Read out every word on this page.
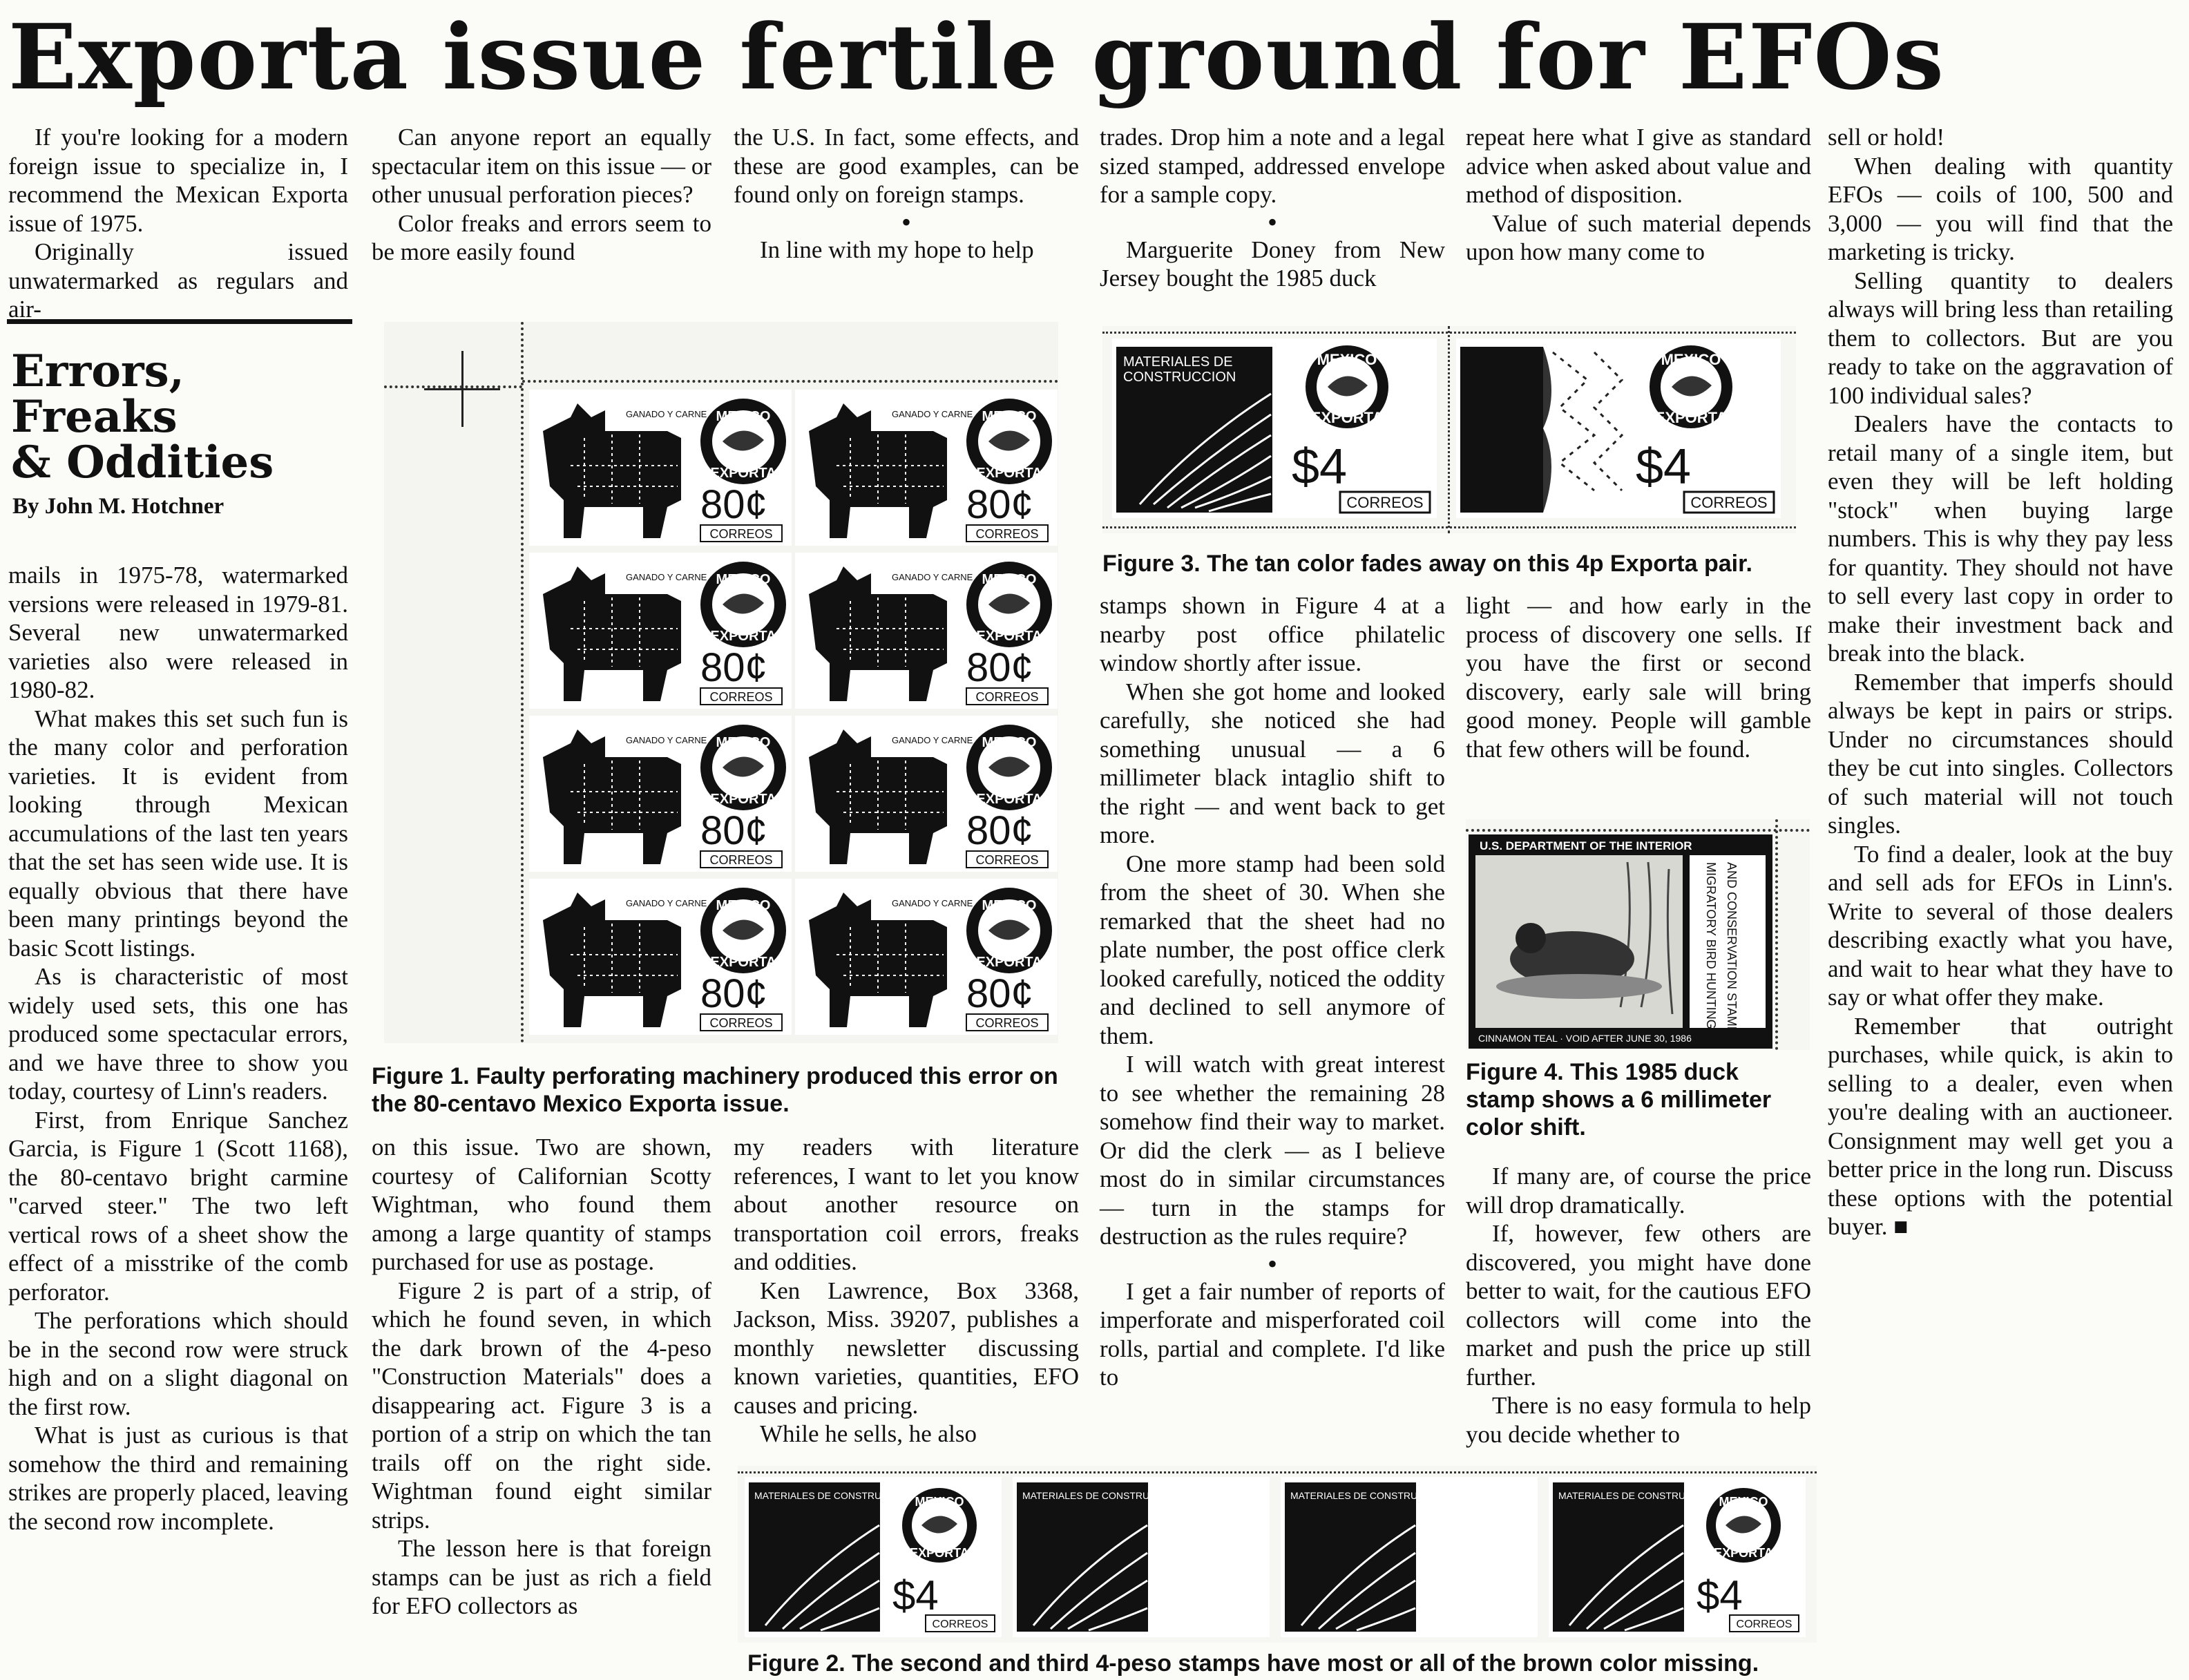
Exporta issue fertile ground for EFOs

If you're looking for a modern foreign issue to specialize in, I recommend the Mexican Exporta issue of 1975.

Originally issued unwatermarked as regulars and air-

Errors,
Freaks
& Oddities
By John M. Hotchner

mails in 1975-78, watermarked versions were released in 1979-81. Several new unwatermarked varieties also were released in 1980-82.

What makes this set such fun is the many color and perforation varieties. It is evident from looking through Mexican accumulations of the last ten years that the set has seen wide use. It is equally obvious that there have been many printings beyond the basic Scott listings.

As is characteristic of most widely used sets, this one has produced some spectacular errors, and we have three to show you today, courtesy of Linn's readers.

First, from Enrique Sanchez Garcia, is Figure 1 (Scott 1168), the 80-centavo bright carmine "carved steer." The two left vertical rows of a sheet show the effect of a misstrike of the comb perforator.

The perforations which should be in the second row were struck high and on a slight diagonal on the first row.

What is just as curious is that somehow the third and remaining strikes are properly placed, leaving the second row incomplete.

Can anyone report an equally spectacular item on this issue — or other unusual perforation pieces?

Color freaks and errors seem to be more easily found

the U.S. In fact, some effects, and these are good examples, can be found only on foreign stamps.

•

In line with my hope to help

trades. Drop him a note and a legal sized stamped, addressed envelope for a sample copy.

•

Marguerite Doney from New Jersey bought the 1985 duck

repeat here what I give as standard advice when asked about value and method of disposition.

Value of such material depends upon how many come to

sell or hold!

When dealing with quantity EFOs — coils of 100, 500 and 3,000 — you will find that the marketing is tricky.

Selling quantity to dealers always will bring less than retailing them to collectors. But are you ready to take on the aggravation of 100 individual sales?

Dealers have the contacts to retail many of a single item, but even they will be left holding "stock" when buying large numbers. This is why they pay less for quantity. They should not have to sell every last copy in order to make their investment back and break into the black.

Remember that imperfs should always be kept in pairs or strips. Under no circumstances should they be cut into singles. Collectors of such material will not touch singles.

To find a dealer, look at the buy and sell ads for EFOs in Linn's. Write to several of those dealers describing exactly what you have, and wait to hear what they have to say or what offer they make.

Remember that outright purchases, while quick, is akin to selling to a dealer, even when you're dealing with an auctioneer. Consignment may well get you a better price in the long run. Discuss these options with the potential buyer. ■

GANADO Y CARNE MEXICO
EXPORTA
80¢
CORREOS
GANADO Y CARNE MEXICO
EXPORTA
80¢
CORREOS
GANADO Y CARNE MEXICO
EXPORTA
80¢
CORREOS
GANADO Y CARNE MEXICO
EXPORTA
80¢
CORREOS
GANADO Y CARNE MEXICO
EXPORTA
80¢
CORREOS
GANADO Y CARNE MEXICO
EXPORTA
80¢
CORREOS
GANADO Y CARNE MEXICO
EXPORTA
80¢
CORREOS
GANADO Y CARNE MEXICO
EXPORTA
80¢
CORREOS
Figure 1. Faulty perforating machinery produced this error on the 80-centavo Mexico Exporta issue.
MATERIALES DE
CONSTRUCCION
MEXICO
EXPORTA
$4
CORREOS
MEXICO
EXPORTA
$4
CORREOS
Figure 3. The tan color fades away on this 4p Exporta pair.

stamps shown in Figure 4 at a nearby post office philatelic window shortly after issue.

When she got home and looked carefully, she noticed she had something unusual — a 6 millimeter black intaglio shift to the right — and went back to get more.

One more stamp had been sold from the sheet of 30. When she remarked that the sheet had no plate number, the post office clerk looked carefully, noticed the oddity and declined to sell anymore of them.

I will watch with great interest to see whether the remaining 28 somehow find their way to market. Or did the clerk — as I believe most do in similar circumstances — turn in the stamps for destruction as the rules require?

•

I get a fair number of reports of imperforate and misperforated coil rolls, partial and complete. I'd like to

light — and how early in the process of discovery one sells. If you have the first or second discovery, early sale will bring good money. People will gamble that few others will be found.

U.S. DEPARTMENT OF THE INTERIOR
MIGRATORY BIRD HUNTING AND CONSERVATION STAMP
CINNAMON TEAL · VOID AFTER JUNE 30, 1986
Figure 4. This 1985 duck stamp shows a 6 millimeter color shift.

If many are, of course the price will drop dramatically.

If, however, few others are discovered, you might have done better to wait, for the cautious EFO collectors will come into the market and push the price up still further.

There is no easy formula to help you decide whether to

on this issue. Two are shown, courtesy of Californian Scotty Wightman, who found them among a large quantity of stamps purchased for use as postage.

Figure 2 is part of a strip, of which he found seven, in which the dark brown of the 4-peso "Construction Materials" does a disappearing act. Figure 3 is a portion of a strip on which the tan trails off on the right side. Wightman found eight similar strips.

The lesson here is that foreign stamps can be just as rich a field for EFO collectors as

my readers with literature references, I want to let you know about another resource on transportation coil errors, freaks and oddities.

Ken Lawrence, Box 3368, Jackson, Miss. 39207, publishes a monthly newsletter discussing known varieties, quantities, EFO causes and pricing.

While he sells, he also

MATERIALES DE CONSTRUCCION MEXICO
EXPORTA
$4
CORREOS
MATERIALES DE CONSTRUCCION	MATERIALES DE CONSTRUCCION	MATERIALES DE CONSTRUCCION MEXICO
EXPORTA
$4
CORREOS
Figure 2. The second and third 4-peso stamps have most or all of the brown color missing.
